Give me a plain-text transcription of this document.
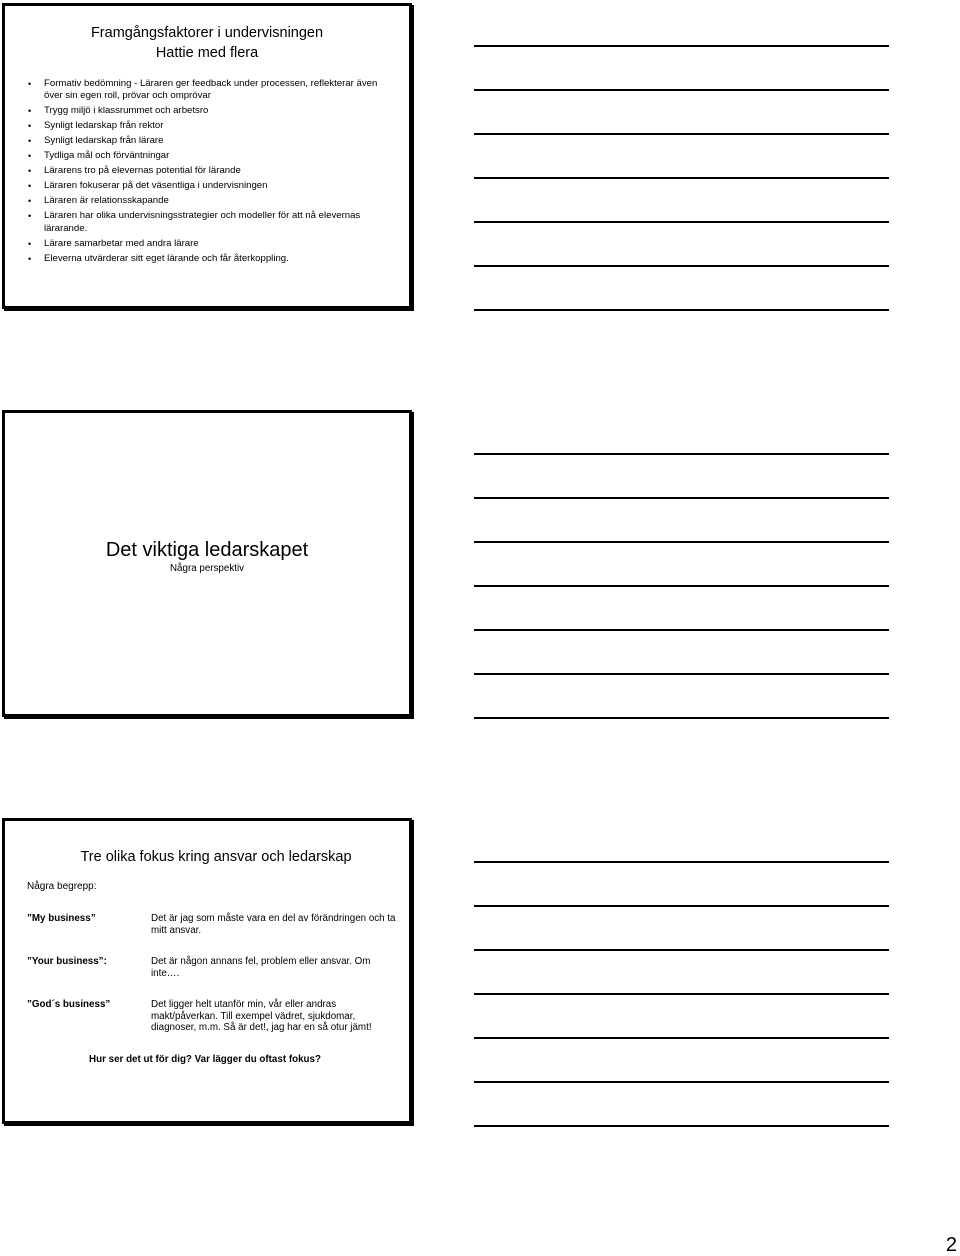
Framgångsfaktorer i undervisningen
Hattie med flera
• Formativ bedömning - Läraren ger feedback under processen, reflekterar även över sin egen roll, prövar och omprövar
• Trygg miljö i klassrummet och arbetsro
• Synligt ledarskap från rektor
• Synligt ledarskap från lärare
• Tydliga mål och förväntningar
• Lärarens tro på elevernas potential för lärande
• Läraren fokuserar på det väsentliga i undervisningen
• Läraren är relationsskapande
• Läraren har olika undervisningsstrategier och modeller för att nå elevernas lärarande.
• Lärare samarbetar med andra lärare
• Eleverna utvärderar sitt eget lärande och får återkoppling.
Det viktiga ledarskapet
Några perspektiv
Tre olika fokus kring ansvar och ledarskap
Några begrepp:
”My business”	Det är jag som måste vara en del av förändringen och ta mitt ansvar.
”Your business”:	Det är någon annans fel, problem eller ansvar. Om inte….
”God´s business”	Det ligger helt utanför min, vår eller andras makt/påverkan. Till exempel vädret, sjukdomar, diagnoser, m.m. Så är det!, jag har en så otur jämt!
Hur ser det ut för dig? Var lägger du oftast fokus?
2
